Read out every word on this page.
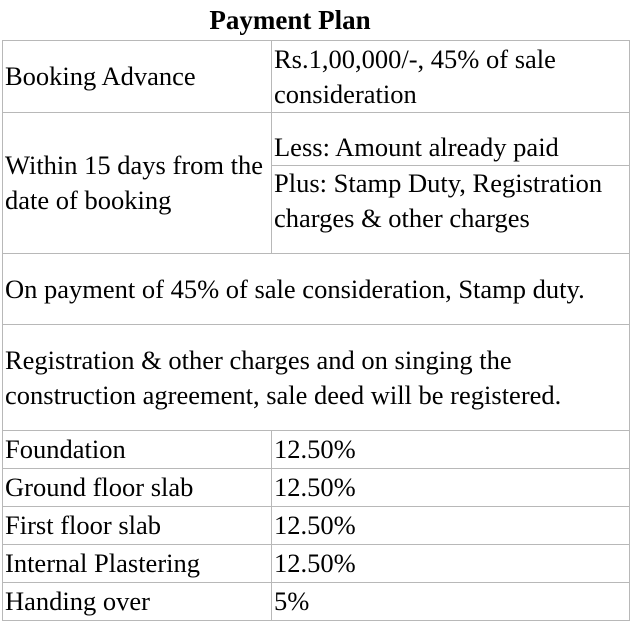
Payment Plan
Booking Advance	Rs.1,00,000/-, 45% of sale consideration
Within 15 days from the date of booking	Less: Amount already paid
Plus: Stamp Duty, Registration charges & other charges

On payment of 45% of sale consideration, Stamp duty.	
Registration & other charges and on singing the construction agreement, sale deed will be registered.	
Foundation	12.50%
Ground floor slab	12.50%
First floor slab	12.50%
Internal Plastering	12.50%
Handing over	5%
